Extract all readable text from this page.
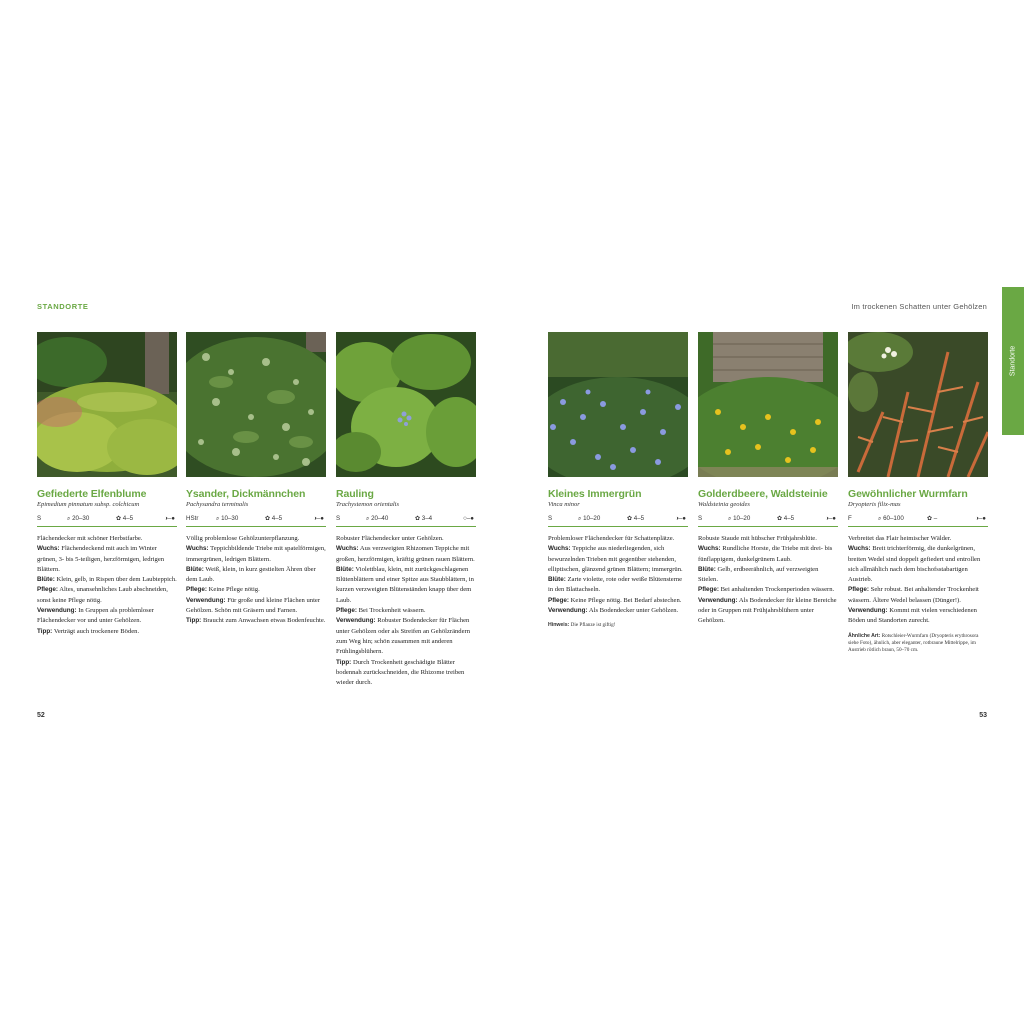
STANDORTE	Im trockenen Schatten unter Gehölzen
Standorte
Gefiederte Elfenblume
Epimedium pinnatum subsp. colchicum
S	⌕ 20–30	✿ 4–5	◑–●
Flächendecker mit schöner Herbstfarbe.
Wuchs: Flächendeckend mit auch im Winter grünen, 3- bis 5-teiligen, herzförmigen, ledrigen Blättern.
Blüte: Klein, gelb, in Rispen über dem Laubteppich.
Pflege: Altes, unansehnliches Laub abschneiden, sonst keine Pflege nötig.
Verwendung: In Gruppen als problemloser Flächendecker vor und unter Gehölzen.
Tipp: Verträgt auch trockenere Böden.
Ysander, Dickmännchen
Pachysandra terminalis
HStr	⌕ 10–30	✿ 4–5	◑–●
Völlig problemlose Gehölzunterpflanzung.
Wuchs: Teppichbildende Triebe mit spatelförmigen, immergrünen, ledrigen Blättern.
Blüte: Weiß, klein, in kurz gestielten Ähren über dem Laub.
Pflege: Keine Pflege nötig.
Verwendung: Für große und kleine Flächen unter Gehölzen. Schön mit Gräsern und Farnen.
Tipp: Braucht zum Anwachsen etwas Bodenfeuchte.
Rauling
Trachystemon orientalis
S	⌕ 20–40	✿ 3–4	○–●
Robuster Flächendecker unter Gehölzen.
Wuchs: Aus verzweigten Rhizomen Teppiche mit großen, herzförmigen, kräftig grünen rauen Blättern.
Blüte: Violettblau, klein, mit zurückgeschlagenen Blütenblättern und einer Spitze aus Staubblättern, in kurzen verzweigten Blütenständen knapp über dem Laub.
Pflege: Bei Trockenheit wässern.
Verwendung: Robuster Bodendecker für Flächen unter Gehölzen oder als Streifen an Gehölzrändern zum Weg hin; schön zusammen mit anderen Frühlingsblühern.
Tipp: Durch Trockenheit geschädigte Blätter bodennah zurückschneiden, die Rhizome treiben wieder durch.
Kleines Immergrün
Vinca minor
S	⌕ 10–20	✿ 4–5	◑–●
Problemloser Flächendecker für Schattenplätze.
Wuchs: Teppiche aus niederliegenden, sich bewurzelnden Trieben mit gegenüber stehenden, elliptischen, glänzend grünen Blättern; immergrün.
Blüte: Zarte violette, rote oder weiße Blütensterne in den Blattachseln.
Pflege: Keine Pflege nötig. Bei Bedarf abstechen.
Verwendung: Als Bodendecker unter Gehölzen.
Hinweis: Die Pflanze ist giftig!
Golderdbeere, Waldsteinie
Waldsteinia geoides
S	⌕ 10–20	✿ 4–5	◑–●
Robuste Staude mit hübscher Frühjahrsblüte.
Wuchs: Rundliche Horste, die Triebe mit drei- bis fünflappigem, dunkelgrünem Laub.
Blüte: Gelb, erdbeerähnlich, auf verzweigten Stielen.
Pflege: Bei anhaltenden Trockenperioden wässern.
Verwendung: Als Bodendecker für kleine Bereiche oder in Gruppen mit Frühjahrsblühern unter Gehölzen.
Gewöhnlicher Wurmfarn
Dryopteris filix-mas
F	⌕ 60–100	✿ –	◑–●
Verbreitet das Flair heimischer Wälder.
Wuchs: Breit trichterförmig, die dunkelgrünen, breiten Wedel sind doppelt gefiedert und entrollen sich allmählich nach dem bischofsstabartigen Austrieb.
Pflege: Sehr robust. Bei anhaltender Trockenheit wässern. Ältere Wedel belassen (Dünger!).
Verwendung: Kommt mit vielen verschiedenen Böden und Standorten zurecht.
Ähnliche Art: Rotschleier-Wurmfarn (Dryopteris erythrosora siehe Foto), ähnlich, aber eleganter, rotbraune Mittelrippe, im Austrieb rötlich braun, 50–70 cm.
52	53
